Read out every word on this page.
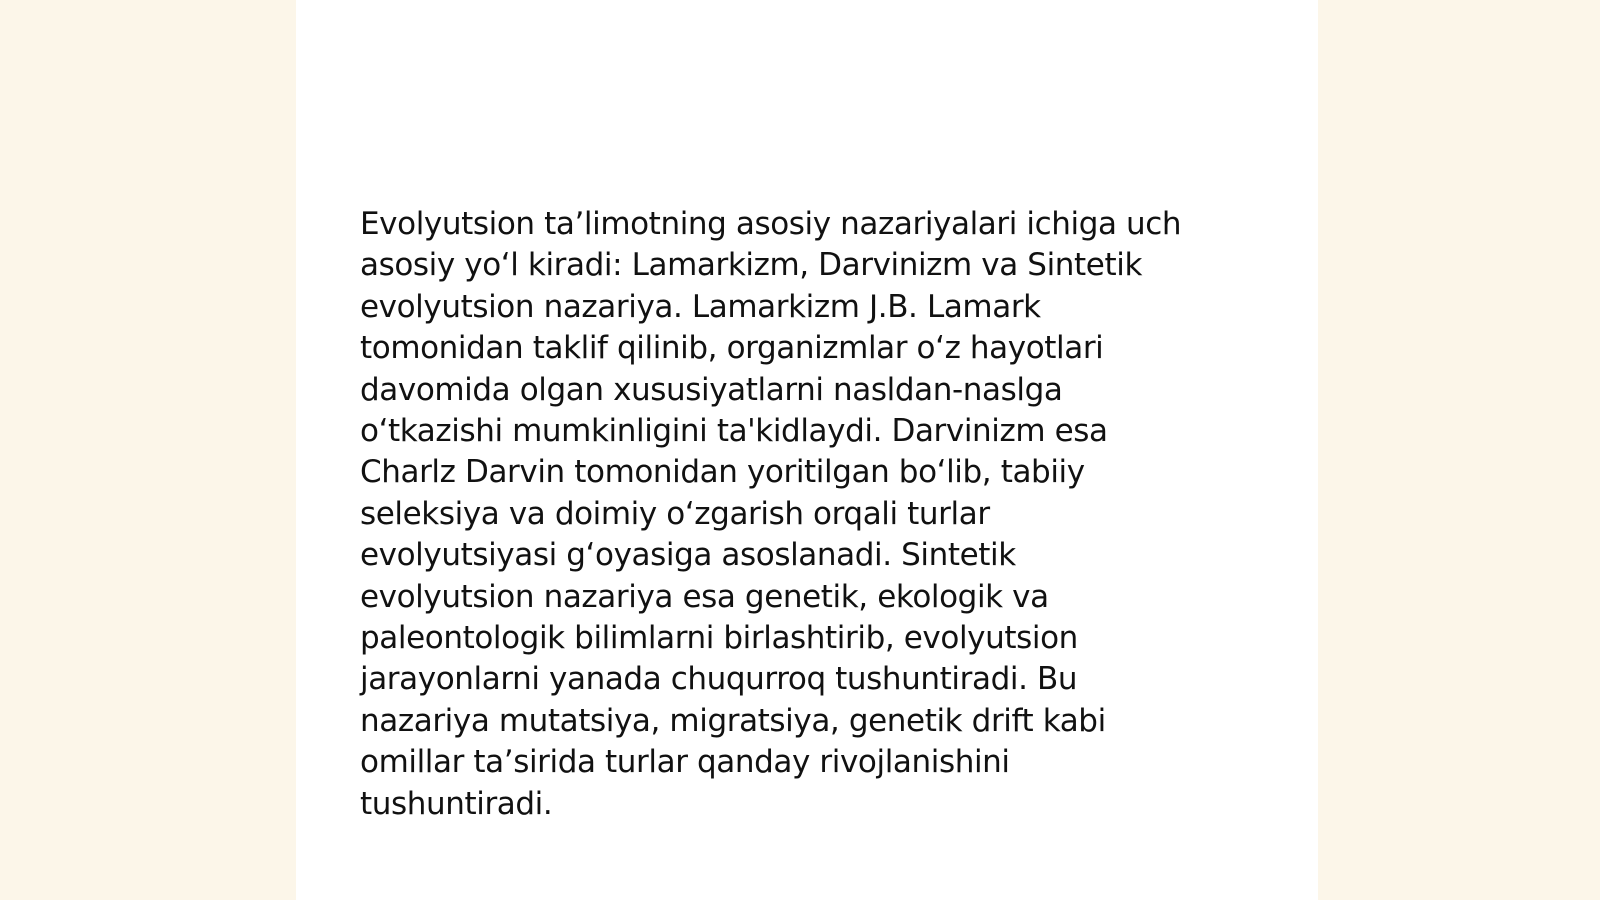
Evolyutsion ta’limotning asosiy nazariyalari ichiga uch
asosiy yo‘l kiradi: Lamarkizm, Darvinizm va Sintetik
evolyutsion nazariya. Lamarkizm J.B. Lamark
tomonidan taklif qilinib, organizmlar o‘z hayotlari
davomida olgan xususiyatlarni nasldan-naslga
o‘tkazishi mumkinligini ta'kidlaydi. Darvinizm esa
Charlz Darvin tomonidan yoritilgan bo‘lib, tabiiy
seleksiya va doimiy o‘zgarish orqali turlar
evolyutsiyasi g‘oyasiga asoslanadi. Sintetik
evolyutsion nazariya esa genetik, ekologik va
paleontologik bilimlarni birlashtirib, evolyutsion
jarayonlarni yanada chuqurroq tushuntiradi. Bu
nazariya mutatsiya, migratsiya, genetik drift kabi
omillar ta’sirida turlar qanday rivojlanishini
tushuntiradi.
